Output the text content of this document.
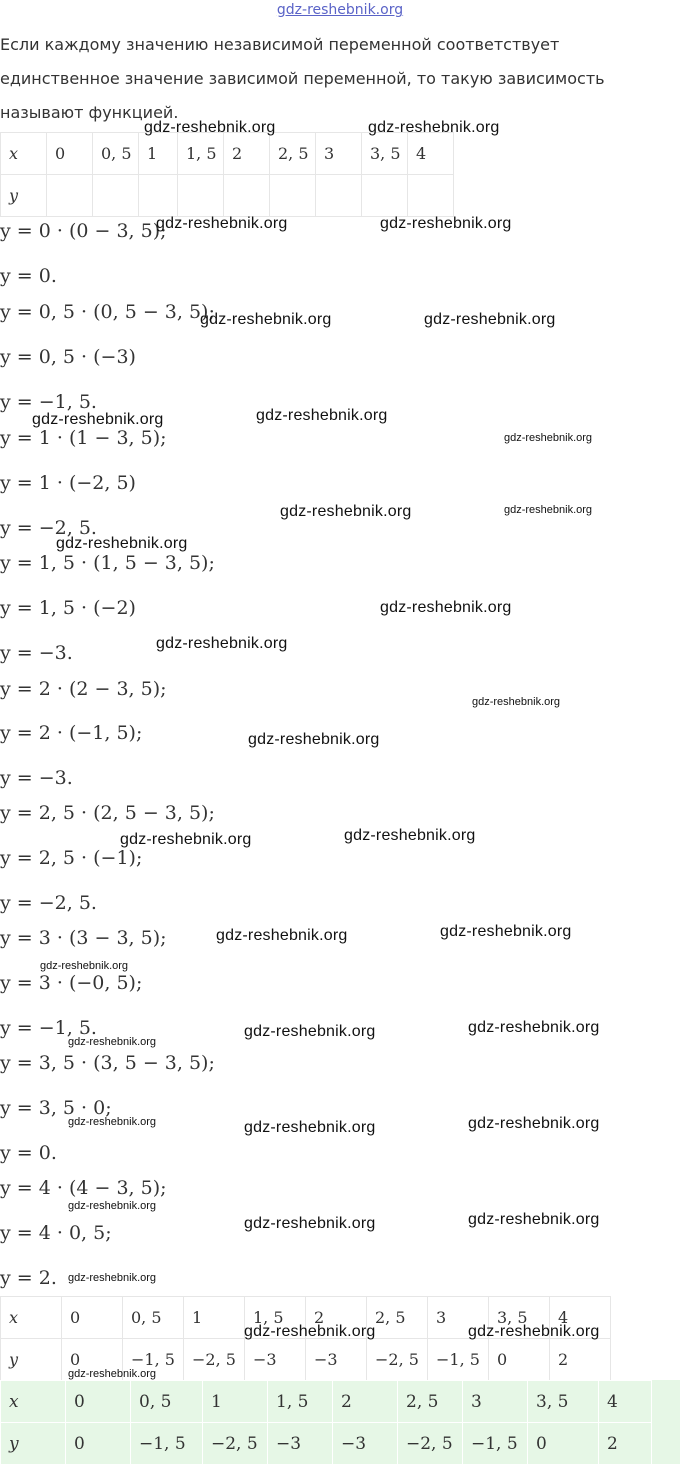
gdz-reshebnik.org
Если каждому значению независимой переменной соответствует
единственное значение зависимой переменной, то такую зависимость
называют функцией.
x	0	0, 5	1	1, 5	2	2, 5	3	3, 5	4
y									
y = 0 · (0 − 3, 5);
y = 0.
y = 0, 5 · (0, 5 − 3, 5);
y = 0, 5 · (−3)
y = −1, 5.
y = 1 · (1 − 3, 5);
y = 1 · (−2, 5)
y = −2, 5.
y = 1, 5 · (1, 5 − 3, 5);
y = 1, 5 · (−2)
y = −3.
y = 2 · (2 − 3, 5);
y = 2 · (−1, 5);
y = −3.
y = 2, 5 · (2, 5 − 3, 5);
y = 2, 5 · (−1);
y = −2, 5.
y = 3 · (3 − 3, 5);
y = 3 · (−0, 5);
y = −1, 5.
y = 3, 5 · (3, 5 − 3, 5);
y = 3, 5 · 0;
y = 0.
y = 4 · (4 − 3, 5);
y = 4 · 0, 5;
y = 2.
x	0	0, 5	1	1, 5	2	2, 5	3	3, 5	4
y	0	−1, 5	−2, 5	−3	−3	−2, 5	−1, 5	0	2
x	0	0, 5	1	1, 5	2	2, 5	3	3, 5	4
y	0	−1, 5	−2, 5	−3	−3	−2, 5	−1, 5	0	2
gdz-reshebnik.org	gdz-reshebnik.org
gdz-reshebnik.org	gdz-reshebnik.org
gdz-reshebnik.org	gdz-reshebnik.org
gdz-reshebnik.org	gdz-reshebnik.org
gdz-reshebnik.org
gdz-reshebnik.org	gdz-reshebnik.org
gdz-reshebnik.org
gdz-reshebnik.org
gdz-reshebnik.org
gdz-reshebnik.org
gdz-reshebnik.org
gdz-reshebnik.org	gdz-reshebnik.org
gdz-reshebnik.org	gdz-reshebnik.org
gdz-reshebnik.org
gdz-reshebnik.org	gdz-reshebnik.org
gdz-reshebnik.org
gdz-reshebnik.org	gdz-reshebnik.org	gdz-reshebnik.org
gdz-reshebnik.org
gdz-reshebnik.org	gdz-reshebnik.org
gdz-reshebnik.org
gdz-reshebnik.org	gdz-reshebnik.org
gdz-reshebnik.org
